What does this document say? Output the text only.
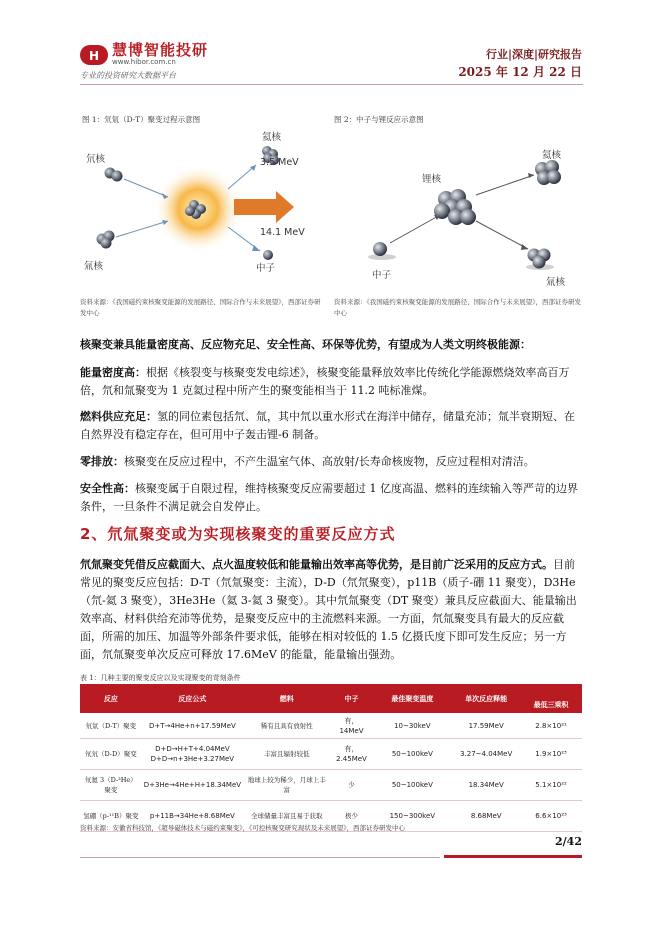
H 慧博智能投研
www.hibor.com.cn
专业的投资研究大数据平台
行业|深度|研究报告
2025 年 12 月 22 日
图 1：氘氚（D-T）聚变过程示意图
氘核
氚核
氦核
3.5 MeV
14.1 MeV
中子
资料来源：《我国磁约束核聚变能源的发展路径、国际合作与未来展望》，西部证券研发中心
图 2：中子与锂反应示意图
锂核
氦核
中子
氚核
资料来源：《我国磁约束核聚变能源的发展路径、国际合作与未来展望》，西部证券研发中心
核聚变兼具能量密度高、反应物充足、安全性高、环保等优势，有望成为人类文明终极能源：
能量密度高：根据《核裂变与核聚变发电综述》，核聚变能量释放效率比传统化学能源燃烧效率高百万倍，氘和氚聚变为 1 克氦过程中所产生的聚变能相当于 11.2 吨标准煤。
燃料供应充足：氢的同位素包括氘、氚，其中氘以重水形式在海洋中储存，储量充沛；氚半衰期短、在自然界没有稳定存在，但可用中子轰击锂-6 制备。
零排放：核聚变在反应过程中，不产生温室气体、高放射/长寿命核废物，反应过程相对清洁。
安全性高：核聚变属于自限过程，维持核聚变反应需要超过 1 亿度高温、燃料的连续输入等严苛的边界条件，一旦条件不满足就会自发停止。
2、氘氚聚变或为实现核聚变的重要反应方式
氘氚聚变凭借反应截面大、点火温度较低和能量输出效率高等优势，是目前广泛采用的反应方式。目前常见的聚变反应包括：D-T（氘氚聚变：主流），D-D（氘氘聚变），p11B（质子-硼 11 聚变），D3He（氘-氦 3 聚变），3He3He（氦 3-氦 3 聚变）。其中氘氚聚变（DT 聚变）兼具反应截面大、能量输出效率高、材料供给充沛等优势，是聚变反应中的主流燃料来源。一方面，氘氚聚变具有最大的反应截面，所需的加压、加温等外部条件要求低，能够在相对较低的 1.5 亿摄氏度下即可发生反应；另一方面，氘氚聚变单次反应可释放 17.6MeV 的能量，能量输出强劲。
表 1：几种主要的聚变反应以及实现聚变的苛刻条件
反应	反应公式	燃料	中子	最佳聚变温度	单次反应释能	最低三乘积
氘氚（D-T）聚变	D+T→4He+n+17.59MeV	稀有且具有放射性	有，14MeV	10~30keV	17.59MeV	2.8×10²¹
氘氘（D-D）聚变	D+D→H+T+4.04MeV
D+D→n+3He+3.27MeV	丰富且辐射较低	有，2.45MeV	50~100keV	3.27~4.04MeV	1.9×10²³
氘氦 3（D-³He）聚变	D+3He→4He+H+18.34MeV	地球上较为稀少，月球上丰富	少	50~100keV	18.34MeV	5.1×10²²
氢硼（p-¹¹B）聚变	p+11B→34He+8.68MeV	全球储量丰富且易于获取	极少	150~300keV	8.68MeV	6.6×10²³
资料来源：安徽省科技馆，《超导磁体技术与磁约束聚变》，《可控核聚变研究现状及未来展望》，西部证券研发中心
2/42
